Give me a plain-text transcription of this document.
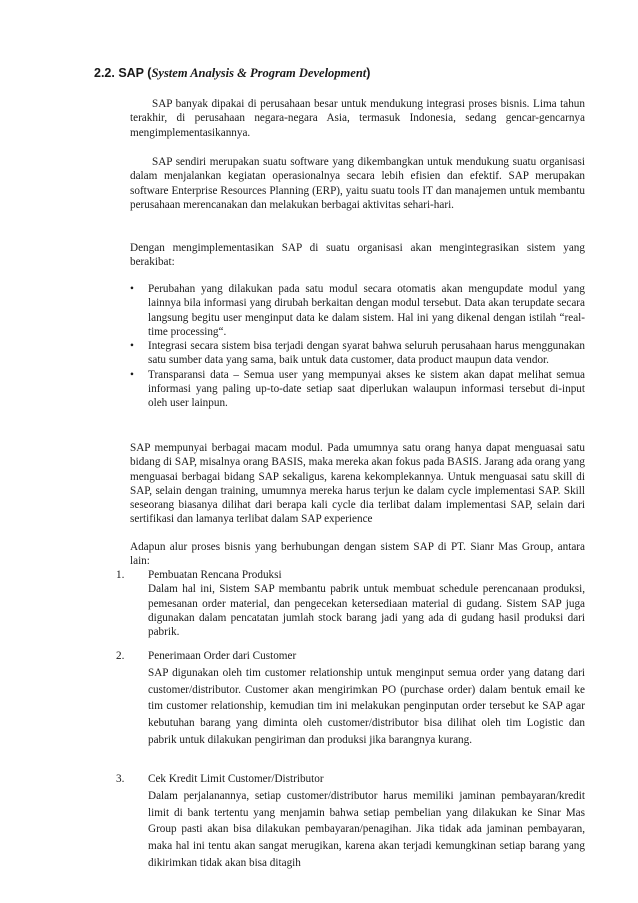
2.2. SAP (System Analysis & Program Development)

SAP banyak dipakai di perusahaan besar untuk mendukung integrasi proses bisnis. Lima tahun terakhir, di perusahaan negara-negara Asia, termasuk Indonesia, sedang gencar-gencarnya mengimplementasikannya.

SAP sendiri merupakan suatu software yang dikembangkan untuk mendukung suatu organisasi dalam menjalankan kegiatan operasionalnya secara lebih efisien dan efektif. SAP merupakan software Enterprise Resources Planning (ERP), yaitu suatu tools IT dan manajemen untuk membantu perusahaan merencanakan dan melakukan berbagai aktivitas sehari-hari.

Dengan mengimplementasikan SAP di suatu organisasi akan mengintegrasikan sistem yang berakibat:

• Perubahan yang dilakukan pada satu modul secara otomatis akan mengupdate modul yang lainnya bila informasi yang dirubah berkaitan dengan modul tersebut. Data akan terupdate secara langsung begitu user menginput data ke dalam sistem. Hal ini yang dikenal dengan istilah “real-time processing“.
• Integrasi secara sistem bisa terjadi dengan syarat bahwa seluruh perusahaan harus menggunakan satu sumber data yang sama, baik untuk data customer, data product maupun data vendor.
• Transparansi data – Semua user yang mempunyai akses ke sistem akan dapat melihat semua informasi yang paling up-to-date setiap saat diperlukan walaupun informasi tersebut di-input oleh user lainpun.

SAP mempunyai berbagai macam modul. Pada umumnya satu orang hanya dapat menguasai satu bidang di SAP, misalnya orang BASIS, maka mereka akan fokus pada BASIS. Jarang ada orang yang menguasai berbagai bidang SAP sekaligus, karena kekomplekannya. Untuk menguasai satu skill di SAP, selain dengan training, umumnya mereka harus terjun ke dalam cycle implementasi SAP. Skill seseorang biasanya dilihat dari berapa kali cycle dia terlibat dalam implementasi SAP, selain dari sertifikasi dan lamanya terlibat dalam SAP experience

Adapun alur proses bisnis yang berhubungan dengan sistem SAP di PT. Sianr Mas Group, antara lain:

1. Pembuatan Rencana Produksi
Dalam hal ini, Sistem SAP membantu pabrik untuk membuat schedule perencanaan produksi, pemesanan order material, dan pengecekan ketersediaan material di gudang. Sistem SAP juga digunakan dalam pencatatan jumlah stock barang jadi yang ada di gudang hasil produksi dari pabrik.
2. Penerimaan Order dari Customer
SAP digunakan oleh tim customer relationship untuk menginput semua order yang datang dari customer/distributor. Customer akan mengirimkan PO (purchase order) dalam bentuk email ke tim customer relationship, kemudian tim ini melakukan penginputan order tersebut ke SAP agar kebutuhan barang yang diminta oleh customer/distributor bisa dilihat oleh tim Logistic dan pabrik untuk dilakukan pengiriman dan produksi jika barangnya kurang.
3. Cek Kredit Limit Customer/Distributor
Dalam perjalanannya, setiap customer/distributor harus memiliki jaminan pembayaran/kredit limit di bank tertentu yang menjamin bahwa setiap pembelian yang dilakukan ke Sinar Mas Group pasti akan bisa dilakukan pembayaran/penagihan. Jika tidak ada jaminan pembayaran, maka hal ini tentu akan sangat merugikan, karena akan terjadi kemungkinan setiap barang yang dikirimkan tidak akan bisa ditagih
